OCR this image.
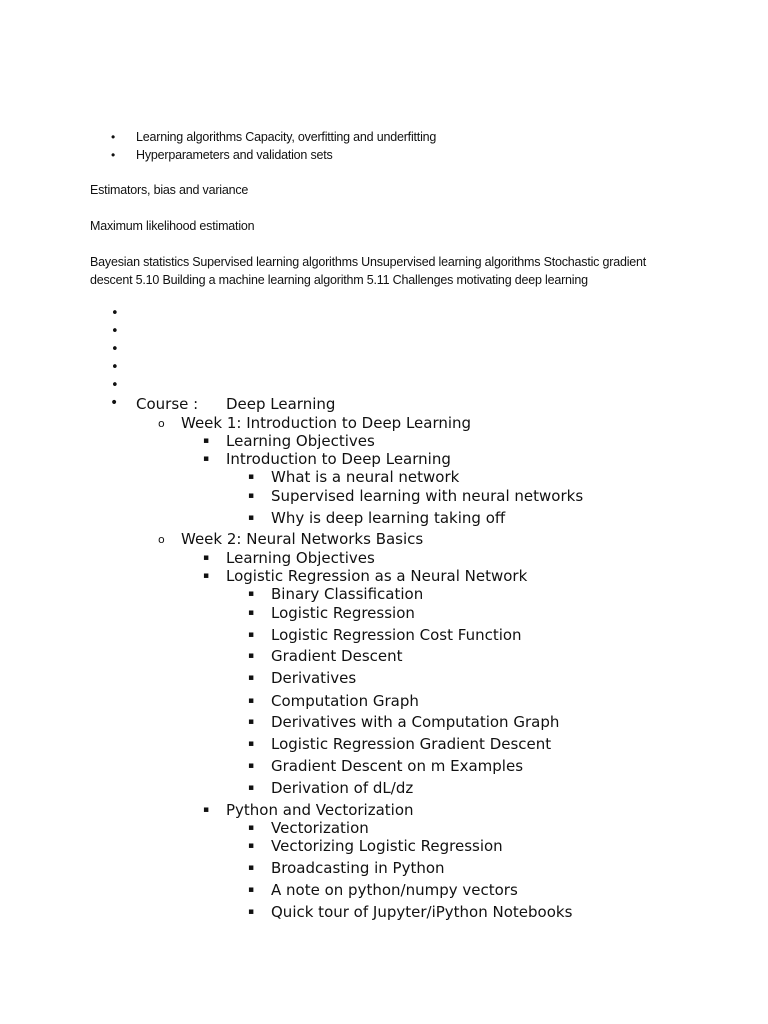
• Learning algorithms Capacity, overfitting and underfitting
• Hyperparameters and validation sets
Estimators, bias and variance
Maximum likelihood estimation
Bayesian statistics Supervised learning algorithms Unsupervised learning algorithms Stochastic gradient descent 5.10 Building a machine learning algorithm 5.11 Challenges motivating deep learning
•
•
•
•
•
• Course : Deep Learning
o Week 1: Introduction to Deep Learning
▪ Learning Objectives
▪ Introduction to Deep Learning
▪ What is a neural network
▪ Supervised learning with neural networks
▪ Why is deep learning taking off
o Week 2: Neural Networks Basics
▪ Learning Objectives
▪ Logistic Regression as a Neural Network
▪ Binary Classification
▪ Logistic Regression
▪ Logistic Regression Cost Function
▪ Gradient Descent
▪ Derivatives
▪ Computation Graph
▪ Derivatives with a Computation Graph
▪ Logistic Regression Gradient Descent
▪ Gradient Descent on m Examples
▪ Derivation of dL/dz
▪ Python and Vectorization
▪ Vectorization
▪ Vectorizing Logistic Regression
▪ Broadcasting in Python
▪ A note on python/numpy vectors
▪ Quick tour of Jupyter/iPython Notebooks
